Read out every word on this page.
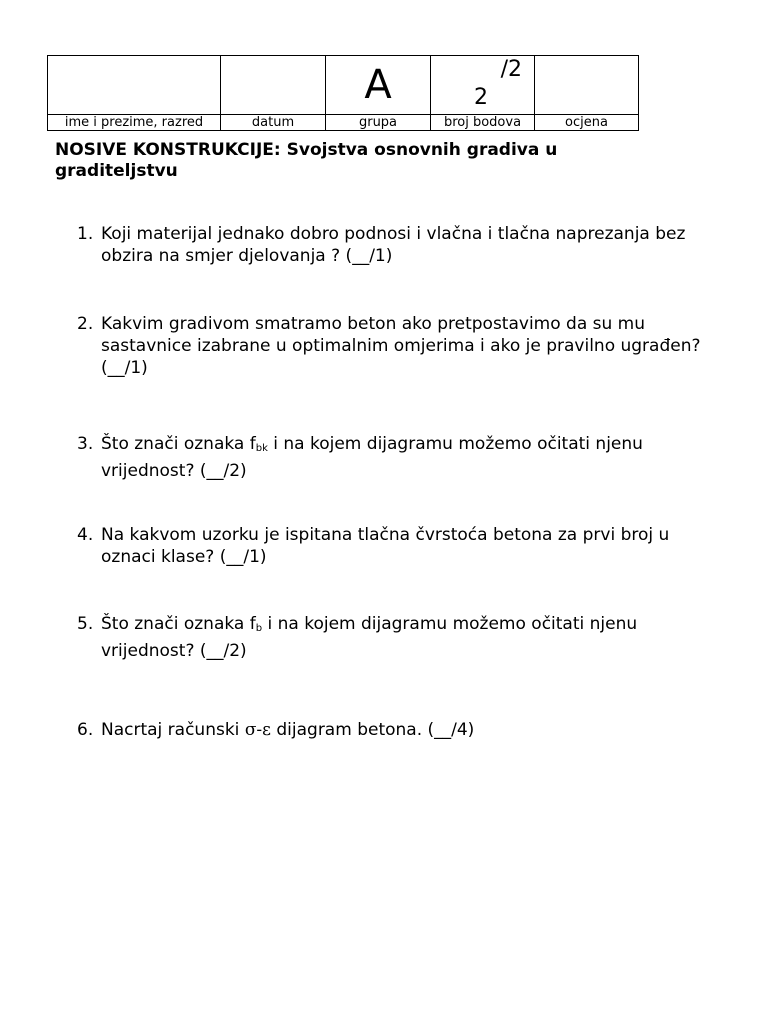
		A	/2
2	

ime i prezime, razred	datum	grupa	broj bodova	ocjena
NOSIVE KONSTRUKCIJE: Svojstva osnovnih gradiva u graditeljstvu
1. Koji materijal jednako dobro podnosi i vlačna i tlačna naprezanja bez obzira na smjer djelovanja ? (__/1)
2. Kakvim gradivom smatramo beton ako pretpostavimo da su mu sastavnice izabrane u optimalnim omjerima i ako je pravilno ugrađen? (__/1)
3. Što znači oznaka $f_{bk}$ i na kojem dijagramu možemo očitati njenu vrijednost? (__/2)
4. Na kakvom uzorku je ispitana tlačna čvrstoća betona za prvi broj u oznaci klase? (__/1)
5. Što znači oznaka $f_b$ i na kojem dijagramu možemo očitati njenu vrijednost? (__/2)
6. Nacrtaj računski σ-ε dijagram betona. (__/4)
